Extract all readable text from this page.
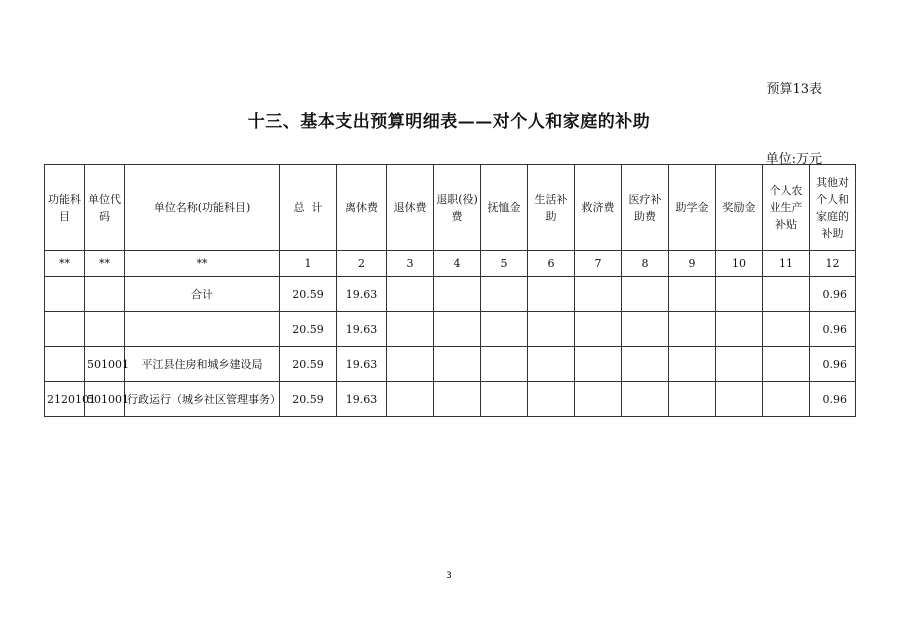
预算13表
十三、基本支出预算明细表——对个人和家庭的补助
单位:万元
功能科目	单位代码	单位名称(功能科目)	总  计	离休费	退休费	退职(役)费	抚恤金	生活补助	救济费	医疗补助费	助学金	奖励金	个人农业生产补贴	其他对个人和家庭的补助
**	**	**	1	2	3	4	5	6	7	8	9	10	11	12
		合计	20.59	19.63										0.96
			20.59	19.63										0.96
	501001	平江县住房和城乡建设局	20.59	19.63										0.96
2120101	501001	行政运行（城乡社区管理事务）	20.59	19.63										0.96
3
